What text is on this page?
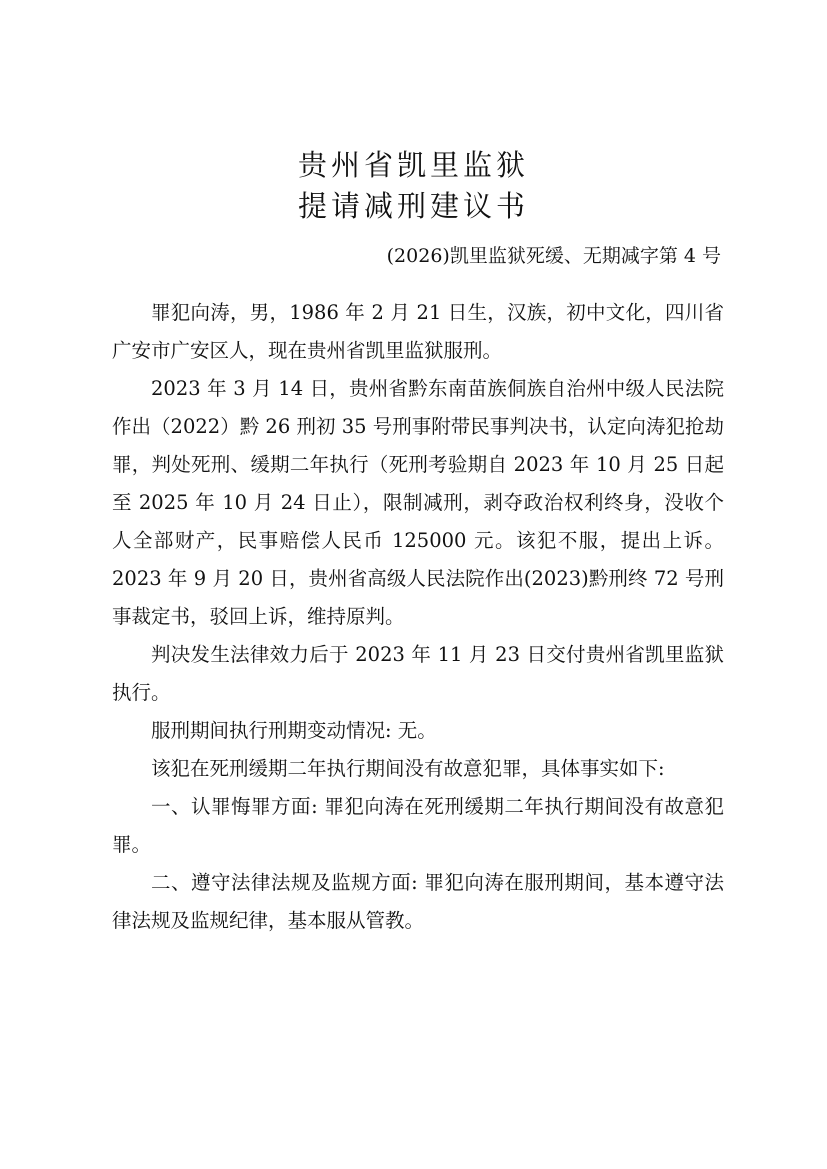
贵州省凯里监狱
提请减刑建议书
(2026)凯里监狱死缓、无期减字第 4 号

罪犯向涛，男，1986 年 2 月 21 日生，汉族，初中文化，四川省广安市广安区人，现在贵州省凯里监狱服刑。

2023 年 3 月 14 日，贵州省黔东南苗族侗族自治州中级人民法院作出（2022）黔 26 刑初 35 号刑事附带民事判决书，认定向涛犯抢劫罪，判处死刑、缓期二年执行（死刑考验期自 2023 年 10 月 25 日起至 2025 年 10 月 24 日止），限制减刑，剥夺政治权利终身，没收个人全部财产，民事赔偿人民币 125000 元。该犯不服，提出上诉。2023 年 9 月 20 日，贵州省高级人民法院作出(2023)黔刑终 72 号刑事裁定书，驳回上诉，维持原判。

判决发生法律效力后于 2023 年 11 月 23 日交付贵州省凯里监狱执行。

服刑期间执行刑期变动情况: 无。

该犯在死刑缓期二年执行期间没有故意犯罪，具体事实如下:

一、认罪悔罪方面: 罪犯向涛在死刑缓期二年执行期间没有故意犯罪。

二、遵守法律法规及监规方面: 罪犯向涛在服刑期间，基本遵守法律法规及监规纪律，基本服从管教。
